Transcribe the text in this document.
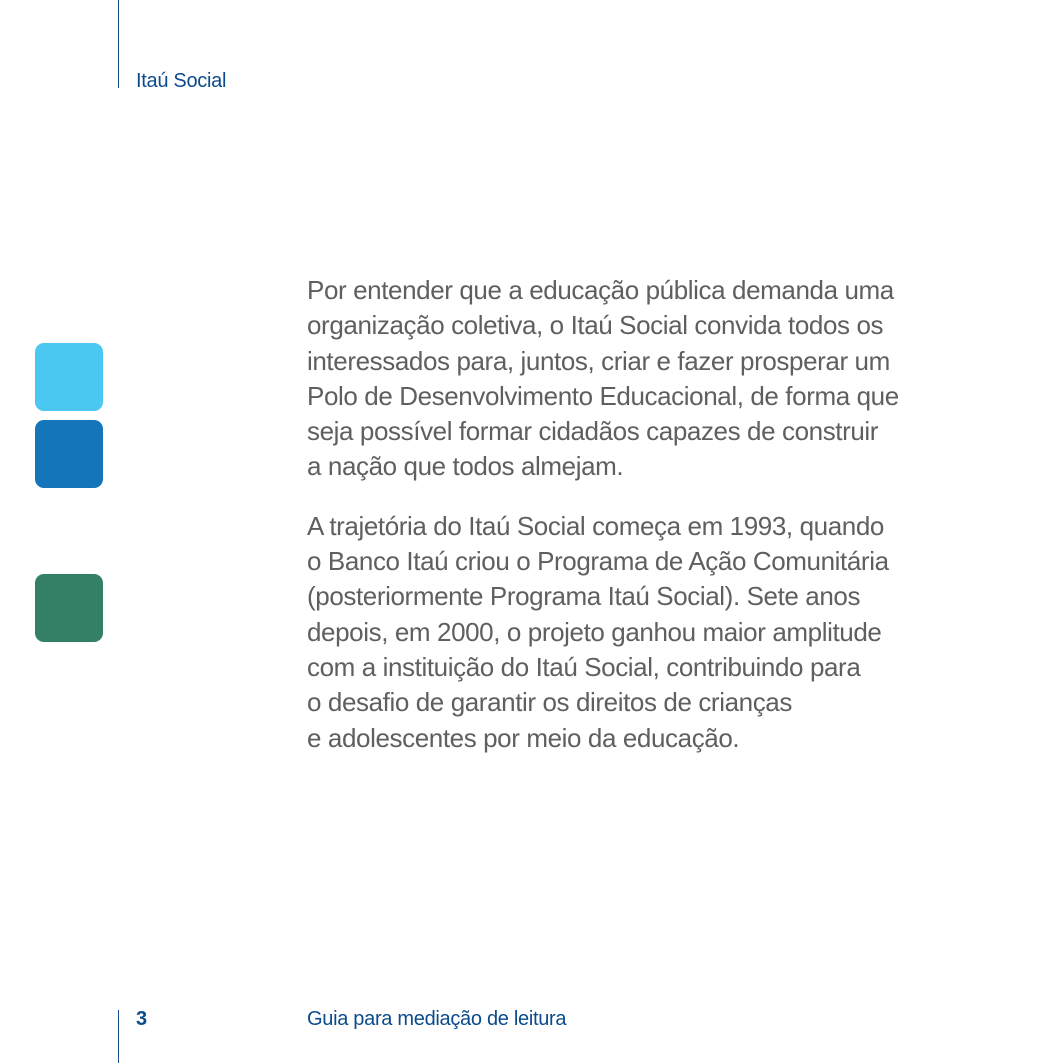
Itaú Social

Por entender que a educação pública demanda uma
organização coletiva, o Itaú Social convida todos os
interessados para, juntos, criar e fazer prosperar um
Polo de Desenvolvimento Educacional, de forma que
seja possível formar cidadãos capazes de construir
a nação que todos almejam.

A trajetória do Itaú Social começa em 1993, quando
o Banco Itaú criou o Programa de Ação Comunitária
(posteriormente Programa Itaú Social). Sete anos
depois, em 2000, o projeto ganhou maior amplitude
com a instituição do Itaú Social, contribuindo para
o desafio de garantir os direitos de crianças
e adolescentes por meio da educação.

3	Guia para mediação de leitura
